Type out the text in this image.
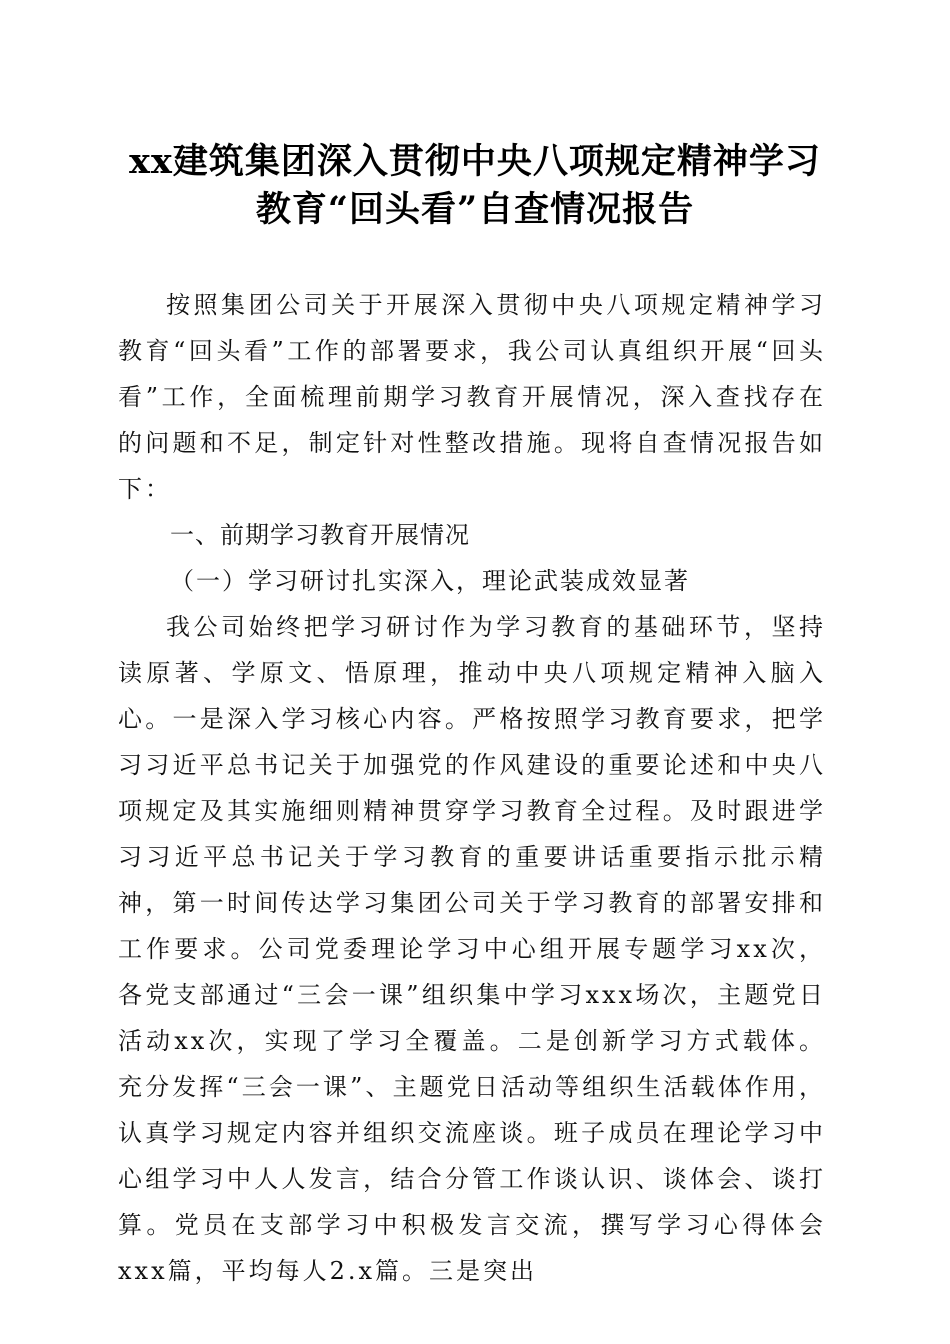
xx建筑集团深入贯彻中央八项规定精神学习
教育“回头看”自查情况报告

按照集团公司关于开展深入贯彻中央八项规定精神学习教育“回头看”工作的部署要求，我公司认真组织开展“回头看”工作，全面梳理前期学习教育开展情况，深入查找存在的问题和不足，制定针对性整改措施。现将自查情况报告如下：

一、前期学习教育开展情况
（一）学习研讨扎实深入，理论武装成效显著

我公司始终把学习研讨作为学习教育的基础环节，坚持读原著、学原文、悟原理，推动中央八项规定精神入脑入心。一是深入学习核心内容。严格按照学习教育要求，把学习习近平总书记关于加强党的作风建设的重要论述和中央八项规定及其实施细则精神贯穿学习教育全过程。及时跟进学习习近平总书记关于学习教育的重要讲话重要指示批示精神，第一时间传达学习集团公司关于学习教育的部署安排和工作要求。公司党委理论学习中心组开展专题学习xx次，各党支部通过“三会一课”组织集中学习xxx场次，主题党日活动xx次，实现了学习全覆盖。二是创新学习方式载体。充分发挥“三会一课”、主题党日活动等组织生活载体作用，认真学习规定内容并组织交流座谈。班子成员在理论学习中心组学习中人人发言，结合分管工作谈认识、谈体会、谈打算。党员在支部学习中积极发言交流，撰写学习心得体会xxx篇，平均每人2.x篇。三是突出
